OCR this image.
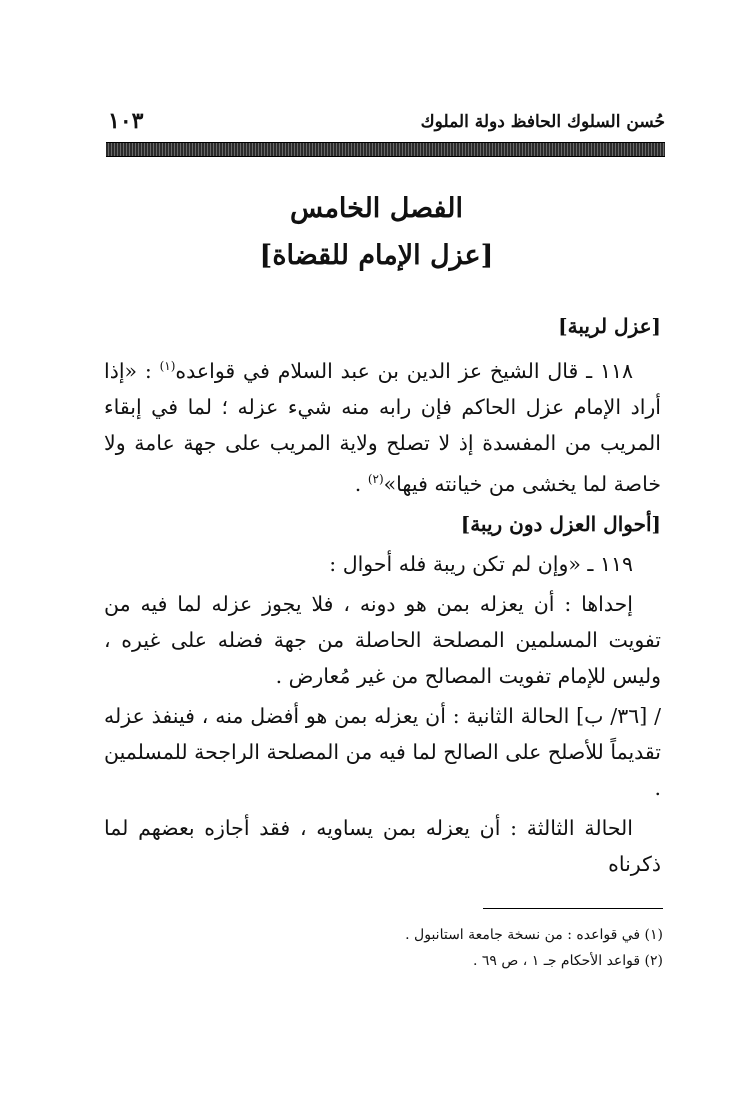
حُسن السلوك الحافظ دولة الملوك
١٠٣
الفصل الخامس
[عزل الإمام للقضاة]

[عزل لريبة]

١١٨ ـ قال الشيخ عز الدين بن عبد السلام في قواعده$^{(١)}$ : «إذا أراد الإمام عزل الحاكم فإن رابه منه شيء عزله ؛ لما في إبقاء المريب من المفسدة إذ لا تصلح ولاية المريب على جهة عامة ولا خاصة لما يخشى من خيانته فيها»$^{(٢)}$ .

[أحوال العزل دون ريبة]

١١٩ ـ «وإن لم تكن ريبة فله أحوال :

إحداها : أن يعزله بمن هو دونه ، فلا يجوز عزله لما فيه من تفويت المسلمين المصلحة الحاصلة من جهة فضله على غيره ، وليس للإمام تفويت المصالح من غير مُعارض .

/ [٣٦/ ب] الحالة الثانية : أن يعزله بمن هو أفضل منه ، فينفذ عزله تقديماً للأصلح على الصالح لما فيه من المصلحة الراجحة للمسلمين .

الحالة الثالثة : أن يعزله بمن يساويه ، فقد أجازه بعضهم لما ذكرناه

(١) في قواعده : من نسخة جامعة استانبول .
(٢) قواعد الأحكام جـ ١ ، ص ٦٩ .
